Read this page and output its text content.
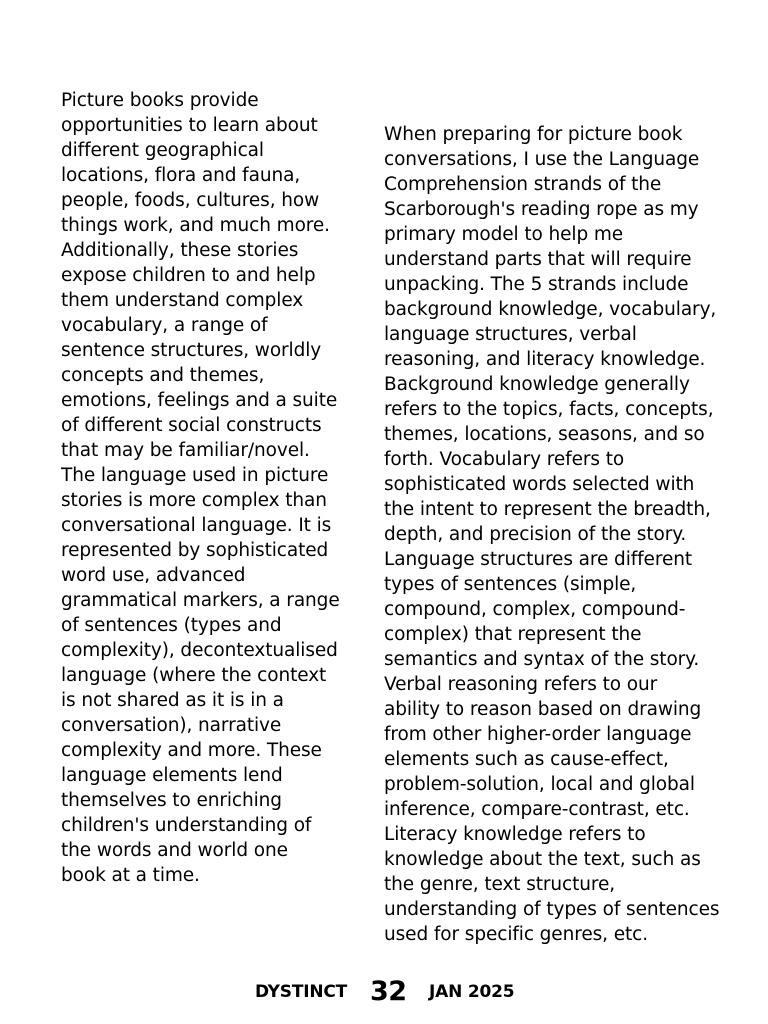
Picture books provide
opportunities to learn about
different geographical
locations, flora and fauna,
people, foods, cultures, how
things work, and much more.
Additionally, these stories
expose children to and help
them understand complex
vocabulary, a range of
sentence structures, worldly
concepts and themes,
emotions, feelings and a suite
of different social constructs
that may be familiar/novel.
The language used in picture
stories is more complex than
conversational language. It is
represented by sophisticated
word use, advanced
grammatical markers, a range
of sentences (types and
complexity), decontextualised
language (where the context
is not shared as it is in a
conversation), narrative
complexity and more. These
language elements lend
themselves to enriching
children's understanding of
the words and world one
book at a time.
When preparing for picture book
conversations, I use the Language
Comprehension strands of the
Scarborough's reading rope as my
primary model to help me
understand parts that will require
unpacking. The 5 strands include
background knowledge, vocabulary,
language structures, verbal
reasoning, and literacy knowledge.
Background knowledge generally
refers to the topics, facts, concepts,
themes, locations, seasons, and so
forth. Vocabulary refers to
sophisticated words selected with
the intent to represent the breadth,
depth, and precision of the story.
Language structures are different
types of sentences (simple,
compound, complex, compound-
complex) that represent the
semantics and syntax of the story.
Verbal reasoning refers to our
ability to reason based on drawing
from other higher-order language
elements such as cause-effect,
problem-solution, local and global
inference, compare-contrast, etc.
Literacy knowledge refers to
knowledge about the text, such as
the genre, text structure,
understanding of types of sentences
used for specific genres, etc.
DYSTINCT 32 JAN 2025
